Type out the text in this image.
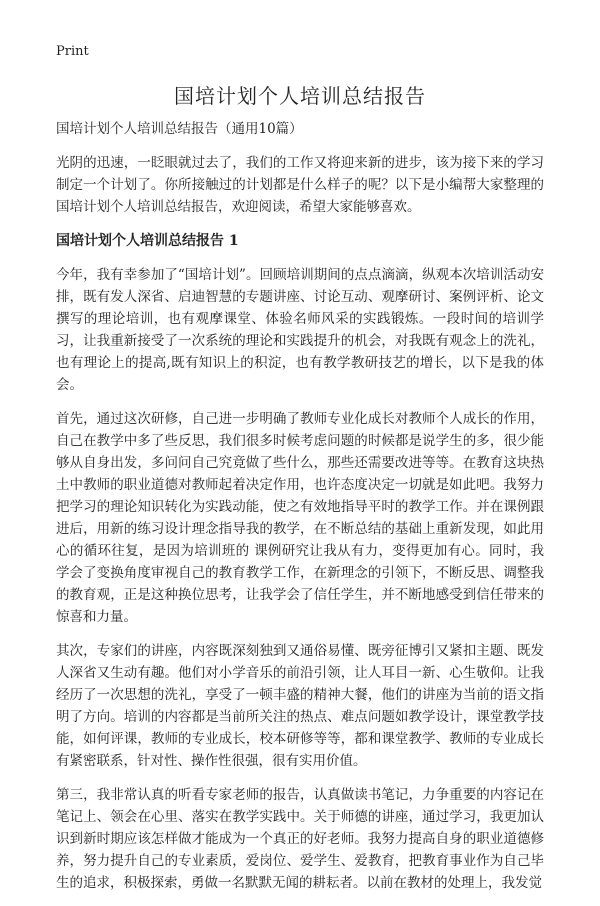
Print
国培计划个人培训总结报告

国培计划个人培训总结报告（通用10篇）

光阴的迅速，一眨眼就过去了，我们的工作又将迎来新的进步，该为接下来的学习制定一个计划了。你所接触过的计划都是什么样子的呢？以下是小编帮大家整理的国培计划个人培训总结报告，欢迎阅读，希望大家能够喜欢。

国培计划个人培训总结报告 1

今年，我有幸参加了“国培计划”。回顾培训期间的点点滴滴，纵观本次培训活动安排，既有发人深省、启迪智慧的专题讲座、讨论互动、观摩研讨、案例评析、论文撰写的理论培训，也有观摩课堂、体验名师风采的实践锻炼。一段时间的培训学习，让我重新接受了一次系统的理论和实践提升的机会，对我既有观念上的洗礼，也有理论上的提高,既有知识上的积淀，也有教学教研技艺的增长，以下是我的体会。

首先，通过这次研修，自己进一步明确了教师专业化成长对教师个人成长的作用，自己在教学中多了些反思，我们很多时候考虑问题的时候都是说学生的多，很少能够从自身出发，多问问自己究竟做了些什么，那些还需要改进等等。在教育这块热土中教师的职业道德对教师起着决定作用，也许态度决定一切就是如此吧。我努力把学习的理论知识转化为实践动能，使之有效地指导平时的教学工作。并在课例跟进后，用新的练习设计理念指导我的教学，在不断总结的基础上重新发现，如此用心的循环往复，是因为培训班的 课例研究让我从有力，变得更加有心。同时，我学会了变换角度审视自己的教育教学工作，在新理念的引领下，不断反思、调整我的教育观，正是这种换位思考，让我学会了信任学生，并不断地感受到信任带来的惊喜和力量。

其次，专家们的讲座，内容既深刻独到又通俗易懂、既旁征博引又紧扣主题、既发人深省又生动有趣。他们对小学音乐的前沿引领，让人耳目一新、心生敬仰。让我经历了一次思想的洗礼，享受了一顿丰盛的精神大餐，他们的讲座为当前的语文指明了方向。培训的内容都是当前所关注的热点、难点问题如教学设计，课堂教学技能，如何评课，教师的专业成长，校本研修等等，都和课堂教学、教师的专业成长有紧密联系，针对性、操作性很强，很有实用价值。

第三，我非常认真的听看专家老师的报告，认真做读书笔记，力争重要的内容记在笔记上、领会在心里、落实在教学实践中。关于师德的讲座，通过学习，我更加认识到新时期应该怎样做才能成为一个真正的好老师。我努力提高自身的职业道德修养，努力提升自己的专业素质，爱岗位、爱学生、爱教育，把教育事业作为自己毕生的追求，积极探索，勇做一名默默无闻的耕耘者。以前在教材的处理上，我发觉
